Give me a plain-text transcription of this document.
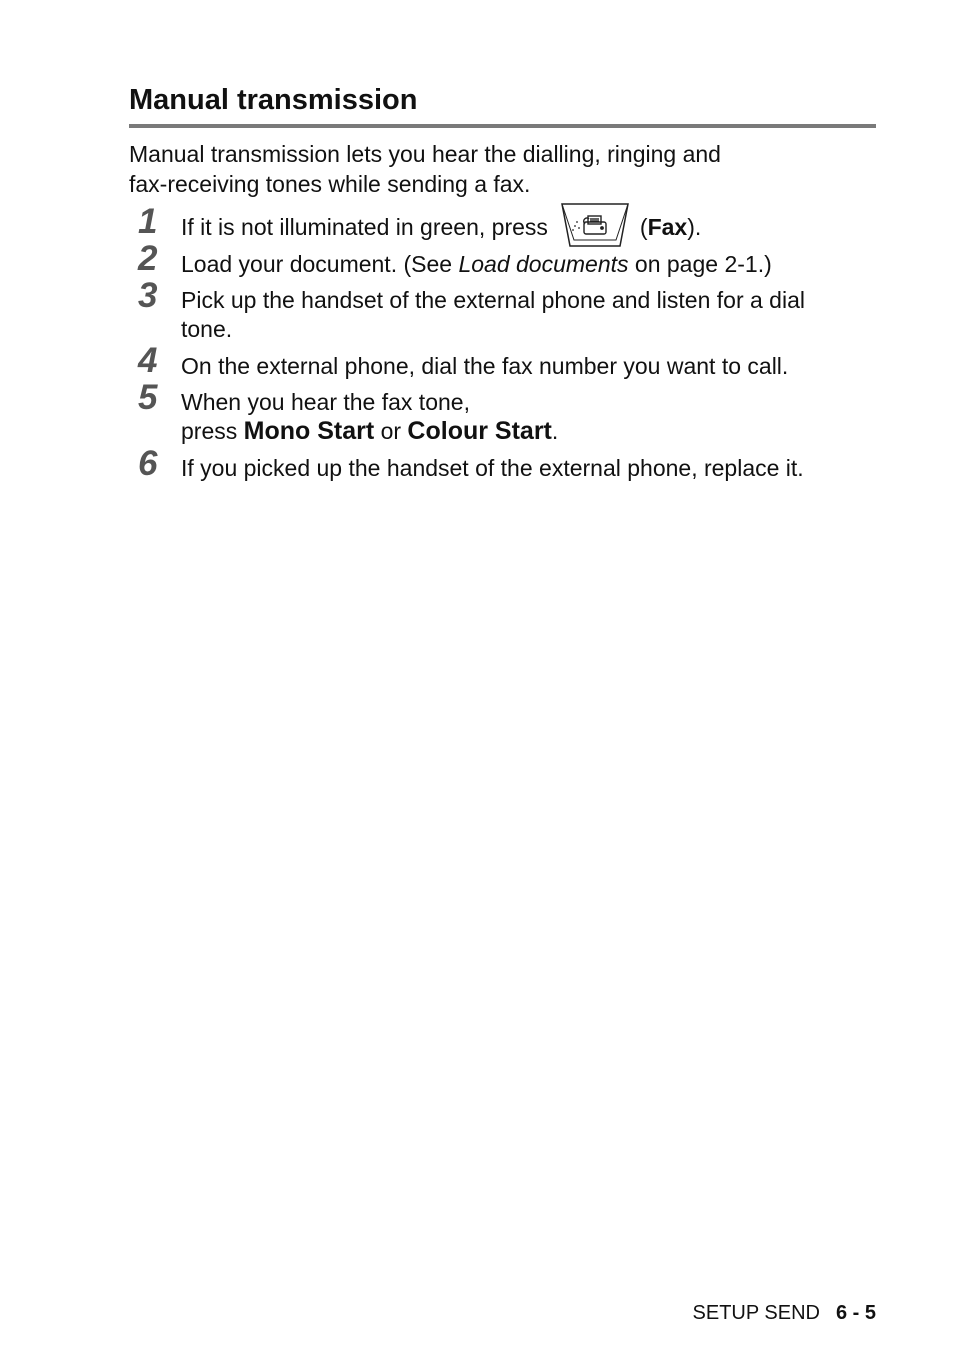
Manual transmission

Manual transmission lets you hear the dialling, ringing and
fax-receiving tones while sending a fax.

1 If it is not illuminated in green, press	(Fax).
2 Load your document. (See Load documents on page 2-1.)
3 Pick up the handset of the external phone and listen for a dial
tone.
4 On the external phone, dial the fax number you want to call.
5 When you hear the fax tone,
press Mono Start or Colour Start.
6 If you picked up the handset of the external phone, replace it.
SETUP SEND 6 - 5
